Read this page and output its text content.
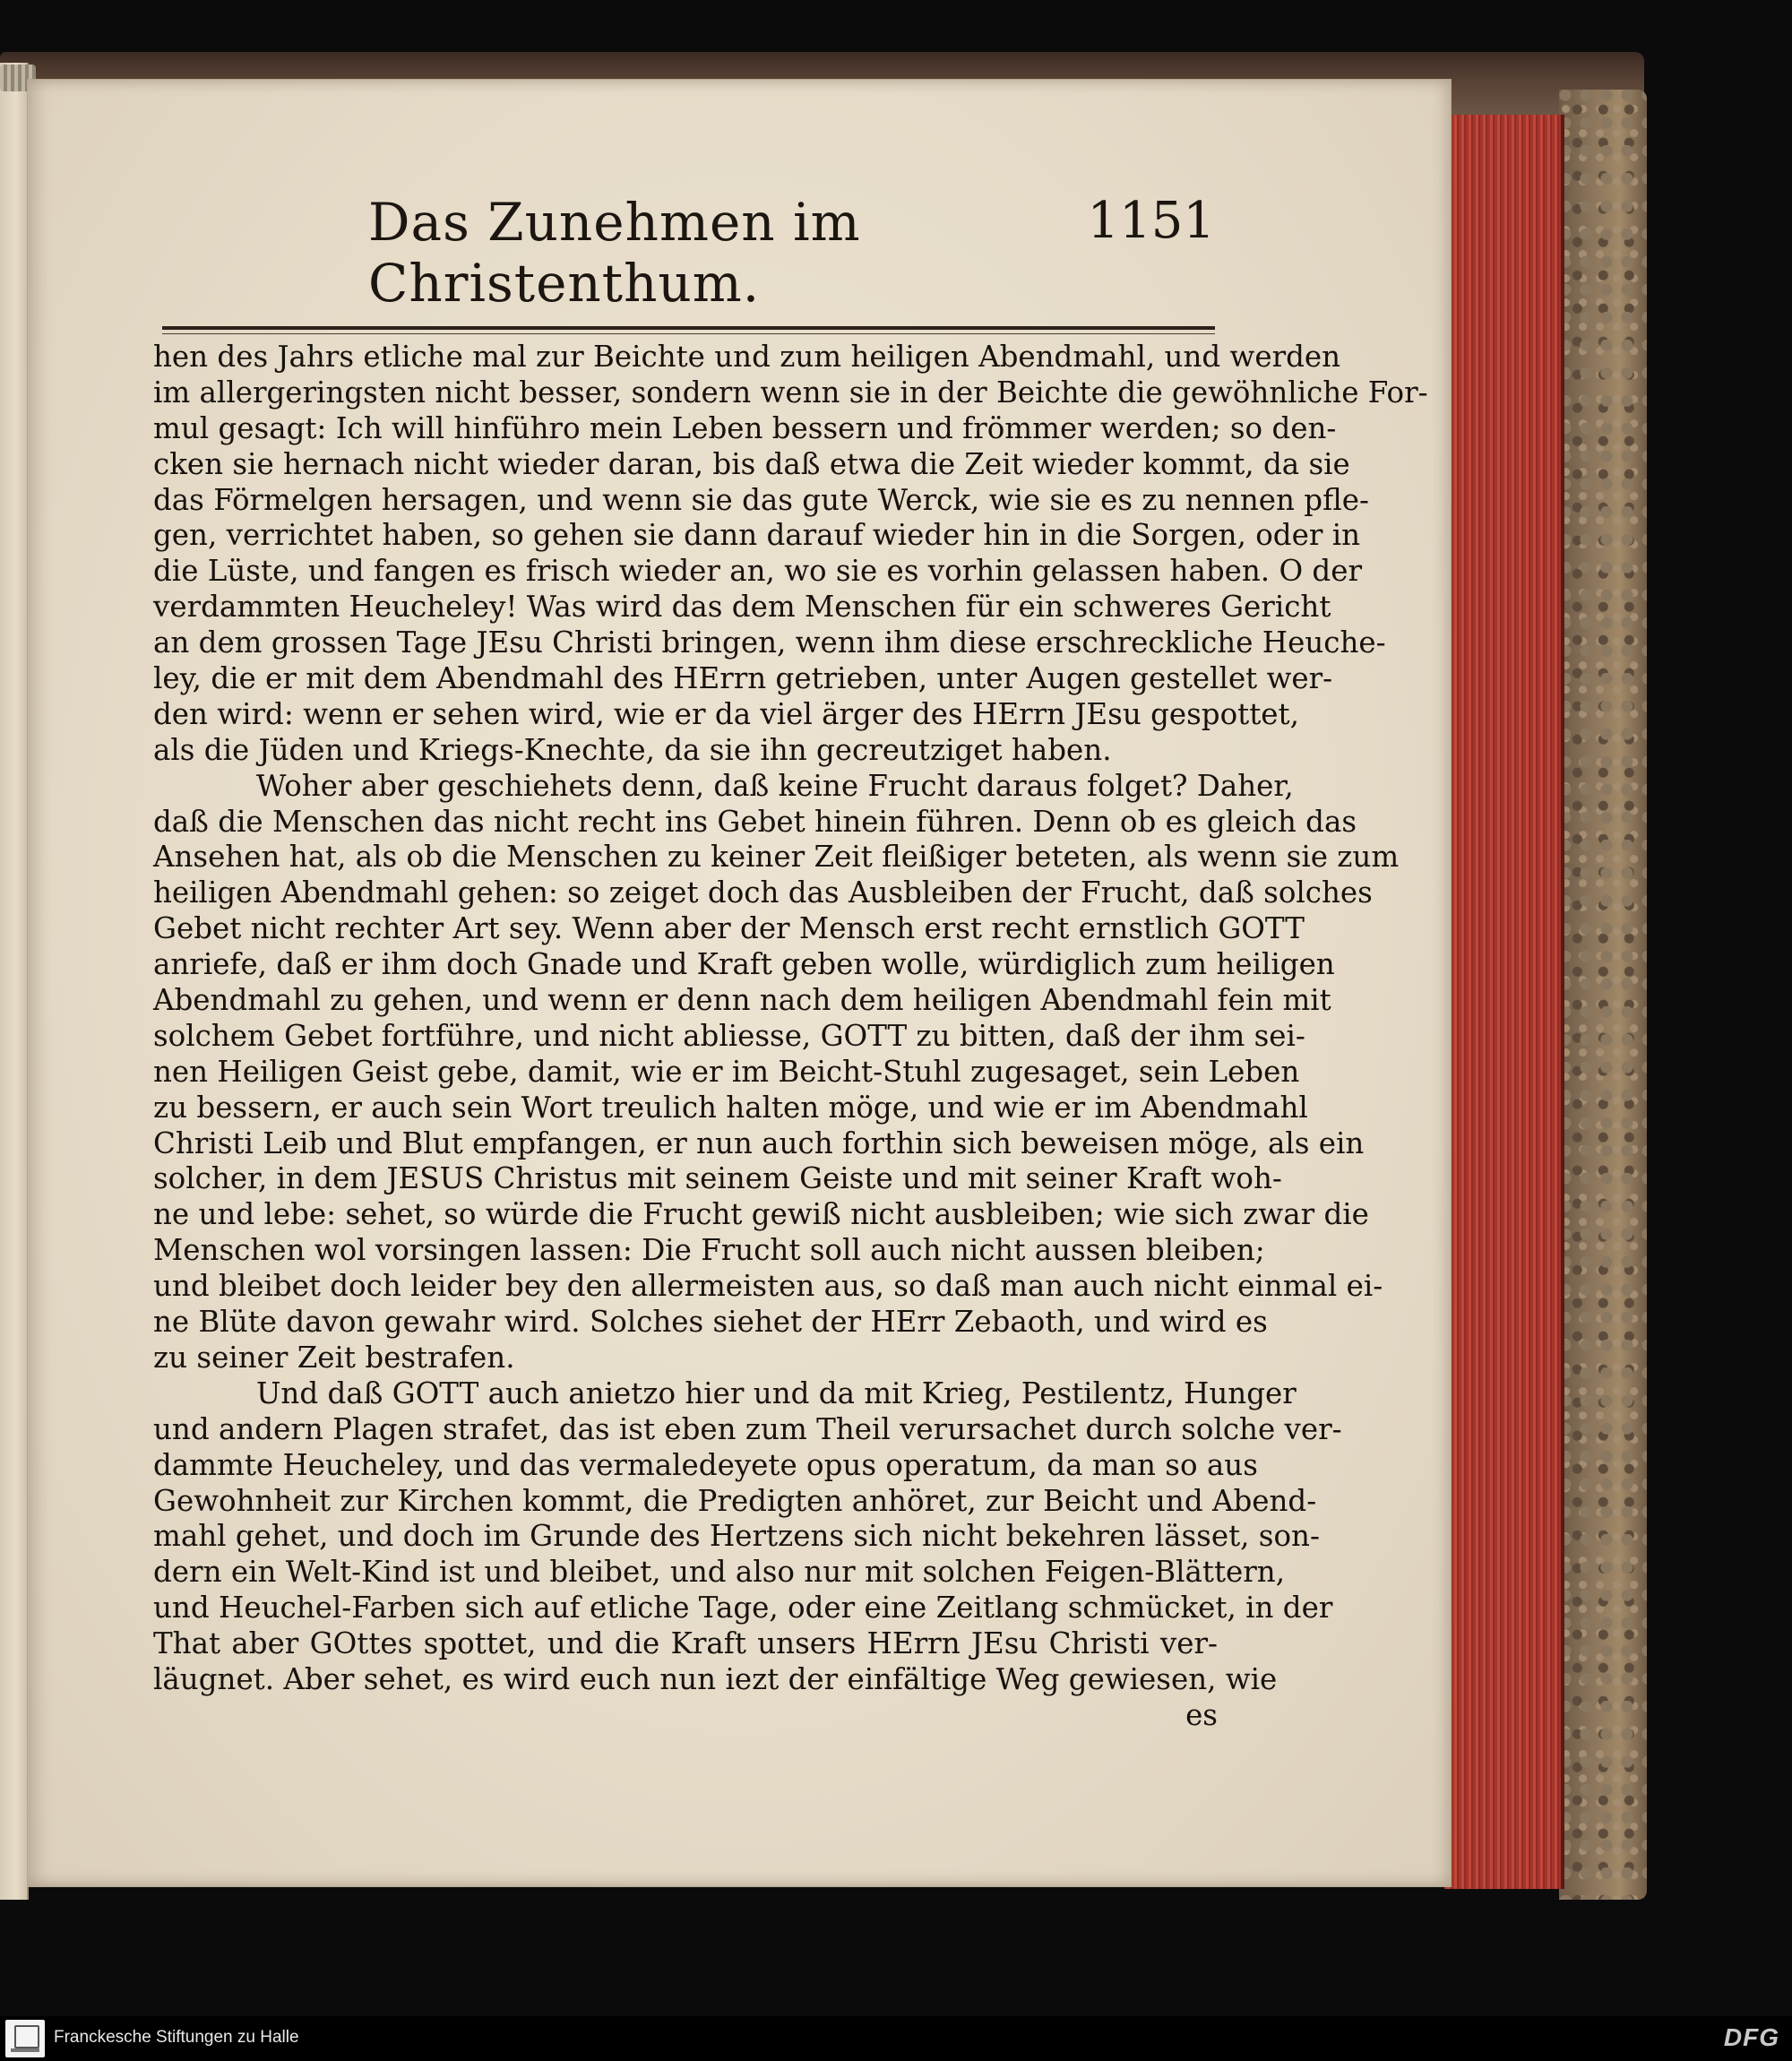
Das Zunehmen im Christenthum.
1151
hen des Jahrs etliche mal zur Beichte und zum heiligen Abendmahl, und werden
im allergeringsten nicht besser, sondern wenn sie in der Beichte die gewöhnliche For-
mul gesagt: Ich will hinführo mein Leben bessern und frömmer werden; so den-
cken sie hernach nicht wieder daran, bis daß etwa die Zeit wieder kommt, da sie
das Förmelgen hersagen, und wenn sie das gute Werck, wie sie es zu nennen pfle-
gen, verrichtet haben, so gehen sie dann darauf wieder hin in die Sorgen, oder in
die Lüste, und fangen es frisch wieder an, wo sie es vorhin gelassen haben. O der
verdammten Heucheley! Was wird das dem Menschen für ein schweres Gericht
an dem grossen Tage JEsu Christi bringen, wenn ihm diese erschreckliche Heuche-
ley, die er mit dem Abendmahl des HErrn getrieben, unter Augen gestellet wer-
den wird: wenn er sehen wird, wie er da viel ärger des HErrn JEsu gespottet,
als die Jüden und Kriegs-Knechte, da sie ihn gecreutziget haben.
Woher aber geschiehets denn, daß keine Frucht daraus folget? Daher,
daß die Menschen das nicht recht ins Gebet hinein führen. Denn ob es gleich das
Ansehen hat, als ob die Menschen zu keiner Zeit fleißiger beteten, als wenn sie zum
heiligen Abendmahl gehen: so zeiget doch das Ausbleiben der Frucht, daß solches
Gebet nicht rechter Art sey. Wenn aber der Mensch erst recht ernstlich GOTT
anriefe, daß er ihm doch Gnade und Kraft geben wolle, würdiglich zum heiligen
Abendmahl zu gehen, und wenn er denn nach dem heiligen Abendmahl fein mit
solchem Gebet fortführe, und nicht abliesse, GOTT zu bitten, daß der ihm sei-
nen Heiligen Geist gebe, damit, wie er im Beicht-Stuhl zugesaget, sein Leben
zu bessern, er auch sein Wort treulich halten möge, und wie er im Abendmahl
Christi Leib und Blut empfangen, er nun auch forthin sich beweisen möge, als ein
solcher, in dem JESUS Christus mit seinem Geiste und mit seiner Kraft woh-
ne und lebe: sehet, so würde die Frucht gewiß nicht ausbleiben; wie sich zwar die
Menschen wol vorsingen lassen: Die Frucht soll auch nicht aussen bleiben;
und bleibet doch leider bey den allermeisten aus, so daß man auch nicht einmal ei-
ne Blüte davon gewahr wird. Solches siehet der HErr Zebaoth, und wird es
zu seiner Zeit bestrafen.
Und daß GOTT auch anietzo hier und da mit Krieg, Pestilentz, Hunger
und andern Plagen strafet, das ist eben zum Theil verursachet durch solche ver-
dammte Heucheley, und das vermaledeyete opus operatum, da man so aus
Gewohnheit zur Kirchen kommt, die Predigten anhöret, zur Beicht und Abend-
mahl gehet, und doch im Grunde des Hertzens sich nicht bekehren lässet, son-
dern ein Welt-Kind ist und bleibet, und also nur mit solchen Feigen-Blättern,
und Heuchel-Farben sich auf etliche Tage, oder eine Zeitlang schmücket, in der
That aber GOttes spottet, und die Kraft unsers HErrn JEsu Christi ver-
läugnet. Aber sehet, es wird euch nun iezt der einfältige Weg gewiesen, wie
es
Franckesche Stiftungen zu Halle	DFG
